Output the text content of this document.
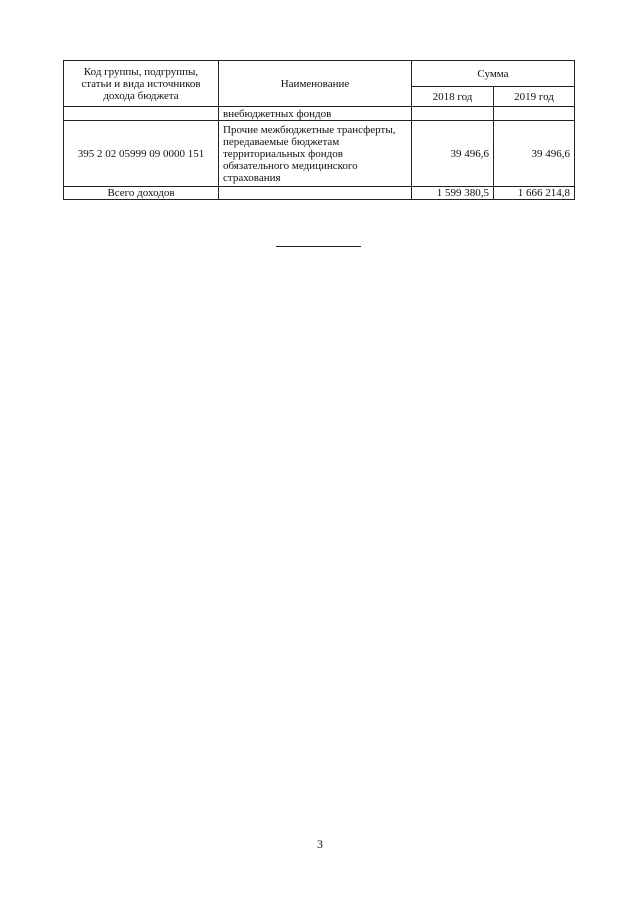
Код группы, подгруппы, статьи и вида источников дохода бюджета	Наименование	Сумма	
		2018 год	2019 год
	внебюджетных фондов		
395 2 02 05999 09 0000 151	Прочие межбюджетные трансферты, передаваемые бюджетам территориальных фондов обязательного медицинского страхования	39 496,6	39 496,6
Всего доходов		1 599 380,5	1 666 214,8
3
